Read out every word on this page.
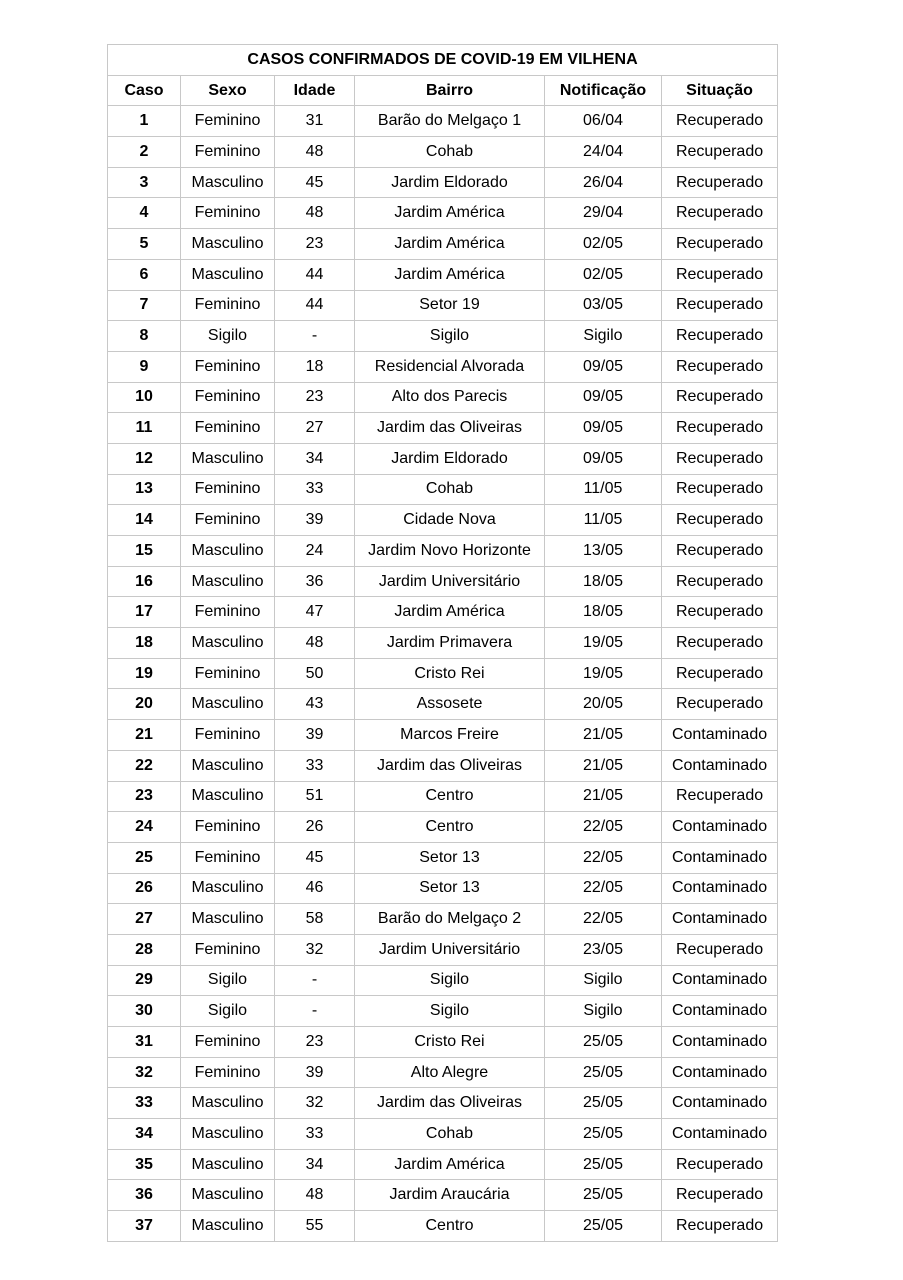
CASOS CONFIRMADOS DE COVID-19 EM VILHENA					
Caso	Sexo	Idade	Bairro	Notificação	Situação
1	Feminino	31	Barão do Melgaço 1	06/04	Recuperado
2	Feminino	48	Cohab	24/04	Recuperado
3	Masculino	45	Jardim Eldorado	26/04	Recuperado
4	Feminino	48	Jardim América	29/04	Recuperado
5	Masculino	23	Jardim América	02/05	Recuperado
6	Masculino	44	Jardim América	02/05	Recuperado
7	Feminino	44	Setor 19	03/05	Recuperado
8	Sigilo	-	Sigilo	Sigilo	Recuperado
9	Feminino	18	Residencial Alvorada	09/05	Recuperado
10	Feminino	23	Alto dos Parecis	09/05	Recuperado
11	Feminino	27	Jardim das Oliveiras	09/05	Recuperado
12	Masculino	34	Jardim Eldorado	09/05	Recuperado
13	Feminino	33	Cohab	11/05	Recuperado
14	Feminino	39	Cidade Nova	11/05	Recuperado
15	Masculino	24	Jardim Novo Horizonte	13/05	Recuperado
16	Masculino	36	Jardim Universitário	18/05	Recuperado
17	Feminino	47	Jardim América	18/05	Recuperado
18	Masculino	48	Jardim Primavera	19/05	Recuperado
19	Feminino	50	Cristo Rei	19/05	Recuperado
20	Masculino	43	Assosete	20/05	Recuperado
21	Feminino	39	Marcos Freire	21/05	Contaminado
22	Masculino	33	Jardim das Oliveiras	21/05	Contaminado
23	Masculino	51	Centro	21/05	Recuperado
24	Feminino	26	Centro	22/05	Contaminado
25	Feminino	45	Setor 13	22/05	Contaminado
26	Masculino	46	Setor 13	22/05	Contaminado
27	Masculino	58	Barão do Melgaço 2	22/05	Contaminado
28	Feminino	32	Jardim Universitário	23/05	Recuperado
29	Sigilo	-	Sigilo	Sigilo	Contaminado
30	Sigilo	-	Sigilo	Sigilo	Contaminado
31	Feminino	23	Cristo Rei	25/05	Contaminado
32	Feminino	39	Alto Alegre	25/05	Contaminado
33	Masculino	32	Jardim das Oliveiras	25/05	Contaminado
34	Masculino	33	Cohab	25/05	Contaminado
35	Masculino	34	Jardim América	25/05	Recuperado
36	Masculino	48	Jardim Araucária	25/05	Recuperado
37	Masculino	55	Centro	25/05	Recuperado
